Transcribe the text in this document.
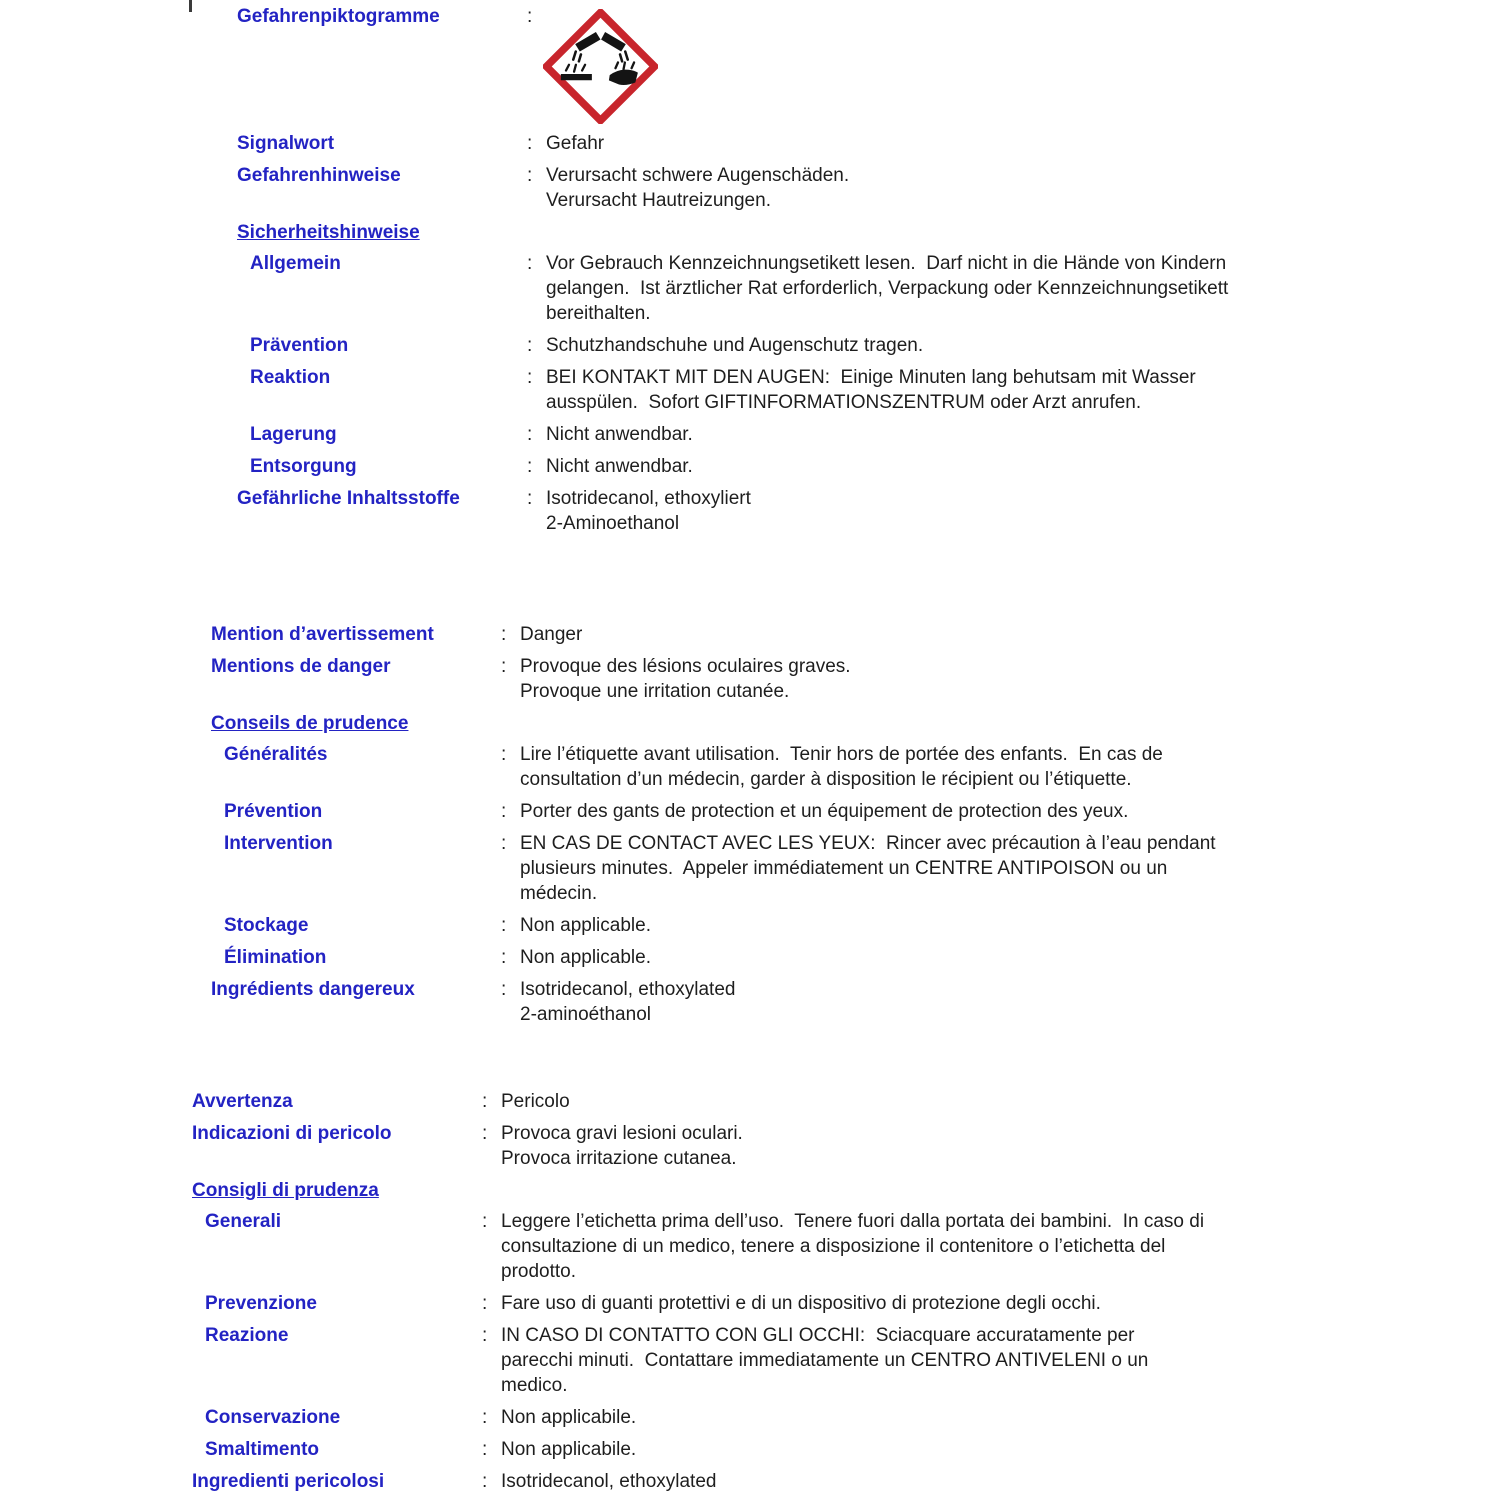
Gefahrenpiktogramme	:
Signalwort	: Gefahr
Gefahrenhinweise	: Verursacht schwere Augenschäden.
Verursacht Hautreizungen.
Sicherheitshinweise
Allgemein	: Vor Gebrauch Kennzeichnungsetikett lesen.  Darf nicht in die Hände von Kindern
gelangen.  Ist ärztlicher Rat erforderlich, Verpackung oder Kennzeichnungsetikett
bereithalten.
Prävention	: Schutzhandschuhe und Augenschutz tragen.
Reaktion	: BEI KONTAKT MIT DEN AUGEN:  Einige Minuten lang behutsam mit Wasser
ausspülen.  Sofort GIFTINFORMATIONSZENTRUM oder Arzt anrufen.
Lagerung	: Nicht anwendbar.
Entsorgung	: Nicht anwendbar.
Gefährliche Inhaltsstoffe	: Isotridecanol, ethoxyliert
2-Aminoethanol
Mention d’avertissement	: Danger
Mentions de danger	: Provoque des lésions oculaires graves.
Provoque une irritation cutanée.
Conseils de prudence
Généralités	: Lire l’étiquette avant utilisation.  Tenir hors de portée des enfants.  En cas de
consultation d’un médecin, garder à disposition le récipient ou l’étiquette.
Prévention	: Porter des gants de protection et un équipement de protection des yeux.
Intervention	: EN CAS DE CONTACT AVEC LES YEUX:  Rincer avec précaution à l’eau pendant
plusieurs minutes.  Appeler immédiatement un CENTRE ANTIPOISON ou un
médecin.
Stockage	: Non applicable.
Élimination	: Non applicable.
Ingrédients dangereux	: Isotridecanol, ethoxylated
2-aminoéthanol
Avvertenza	: Pericolo
Indicazioni di pericolo	: Provoca gravi lesioni oculari.
Provoca irritazione cutanea.
Consigli di prudenza
Generali	: Leggere l’etichetta prima dell’uso.  Tenere fuori dalla portata dei bambini.  In caso di
consultazione di un medico, tenere a disposizione il contenitore o l’etichetta del
prodotto.
Prevenzione	: Fare uso di guanti protettivi e di un dispositivo di protezione degli occhi.
Reazione	: IN CASO DI CONTATTO CON GLI OCCHI:  Sciacquare accuratamente per
parecchi minuti.  Contattare immediatamente un CENTRO ANTIVELENI o un
medico.
Conservazione	: Non applicabile.
Smaltimento	: Non applicabile.
Ingredienti pericolosi	: Isotridecanol, ethoxylated
